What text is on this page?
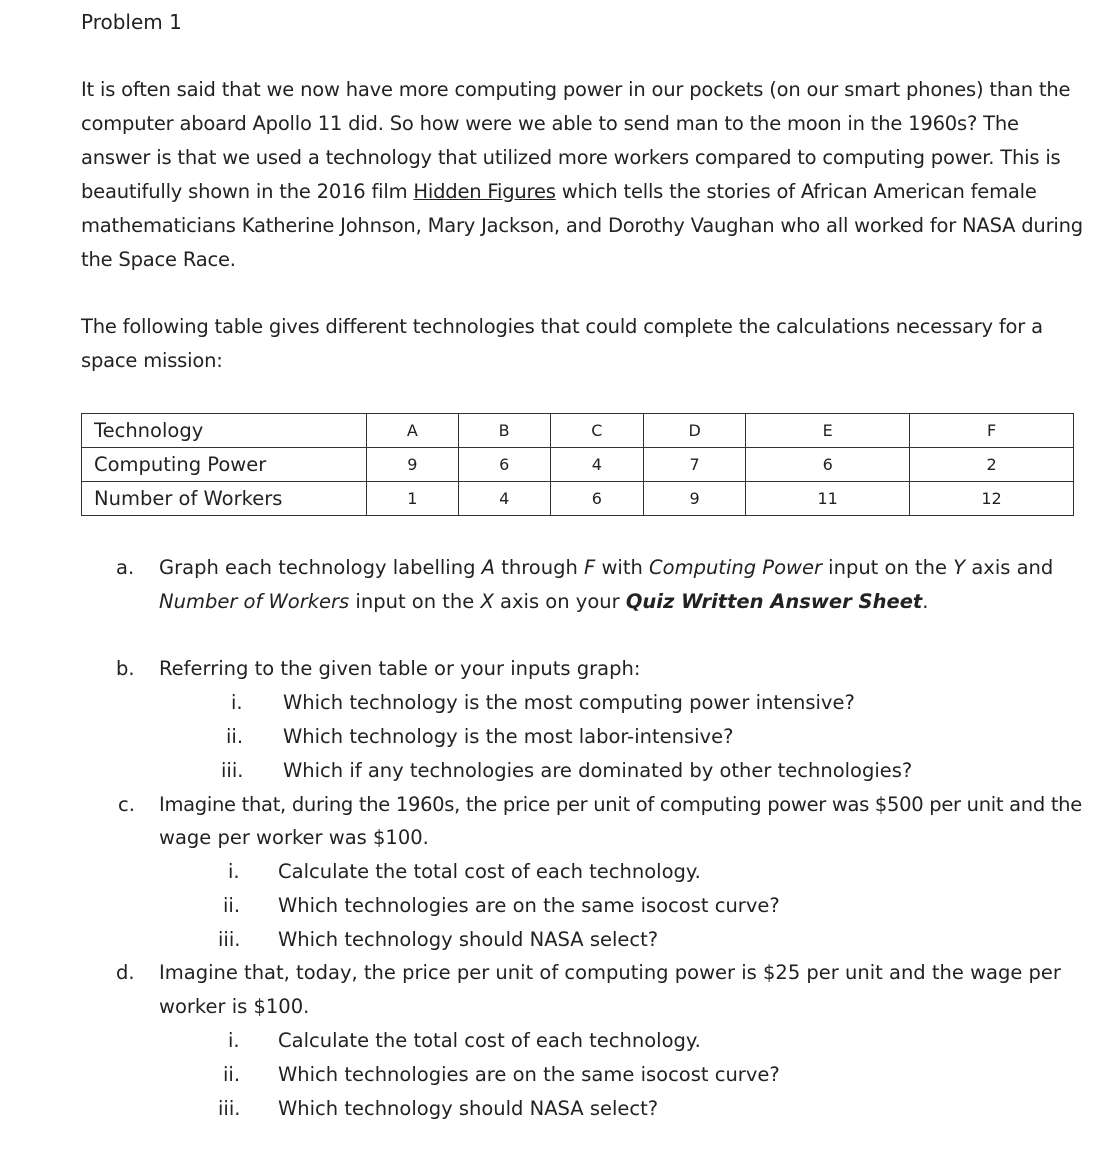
Problem 1
It is often said that we now have more computing power in our pockets (on our smart phones) than the computer aboard Apollo 11 did. So how were we able to send man to the moon in the 1960s? The answer is that we used a technology that utilized more workers compared to computing power. This is beautifully shown in the 2016 film Hidden Figures which tells the stories of African American female mathematicians Katherine Johnson, Mary Jackson, and Dorothy Vaughan who all worked for NASA during the Space Race.
The following table gives different technologies that could complete the calculations necessary for a space mission:
Technology	A	B	C	D	E	F
Computing Power	9	6	4	7	6	2
Number of Workers	1	4	6	9	11	12
a. Graph each technology labelling A through F with Computing Power input on the Y axis and
Number of Workers input on the X axis on your Quiz Written Answer Sheet.
b. Referring to the given table or your inputs graph:
i. Which technology is the most computing power intensive?
ii. Which technology is the most labor-intensive?
iii. Which if any technologies are dominated by other technologies?
c. Imagine that, during the 1960s, the price per unit of computing power was $500 per unit and the
wage per worker was $100.
i. Calculate the total cost of each technology.
ii. Which technologies are on the same isocost curve?
iii. Which technology should NASA select?
d. Imagine that, today, the price per unit of computing power is $25 per unit and the wage per
worker is $100.
i. Calculate the total cost of each technology.
ii. Which technologies are on the same isocost curve?
iii. Which technology should NASA select?
